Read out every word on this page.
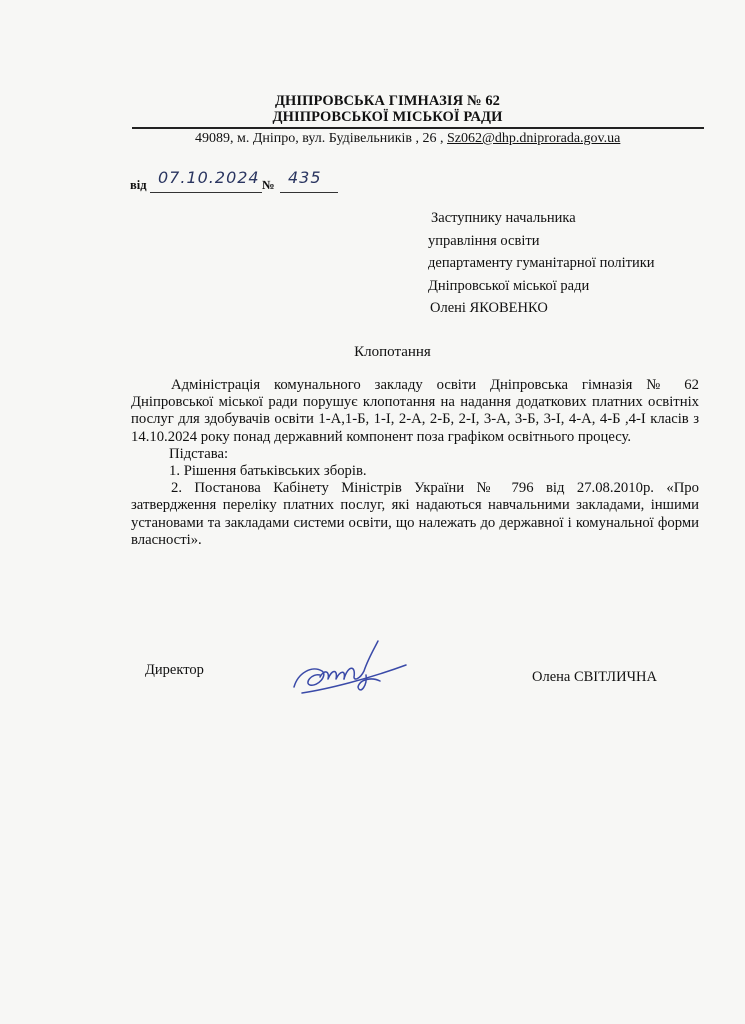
ДНІПРОВСЬКА ГІМНАЗІЯ № 62
ДНІПРОВСЬКОЇ МІСЬКОЇ РАДИ
49089, м. Дніпро, вул. Будівельників , 26 , Sz062@dhp.dniprorada.gov.ua
від 07.10.2024 № 435
Заступнику начальника
управління освіти
департаменту гуманітарної політики
Дніпровської міської ради
Олені ЯКОВЕНКО
Клопотання

Адміністрація комунального закладу освіти Дніпровська гімназія № 62 Дніпровської міської ради порушує клопотання на надання додаткових платних освітніх послуг для здобувачів освіти 1-А,1-Б, 1-І, 2-А, 2-Б, 2-І, 3-А, 3-Б, 3-І, 4-А, 4-Б ,4-І класів з 14.10.2024 року понад державний компонент поза графіком освітнього процесу.

Підстава:

1. Рішення батьківських зборів.

2. Постанова Кабінету Міністрів України № 796 від 27.08.2010р. «Про затвердження переліку платних послуг, які надаються навчальними закладами, іншими установами та закладами системи освіти, що належать до державної і комунальної форми власності».

Директор	Олена СВІТЛИЧНА
